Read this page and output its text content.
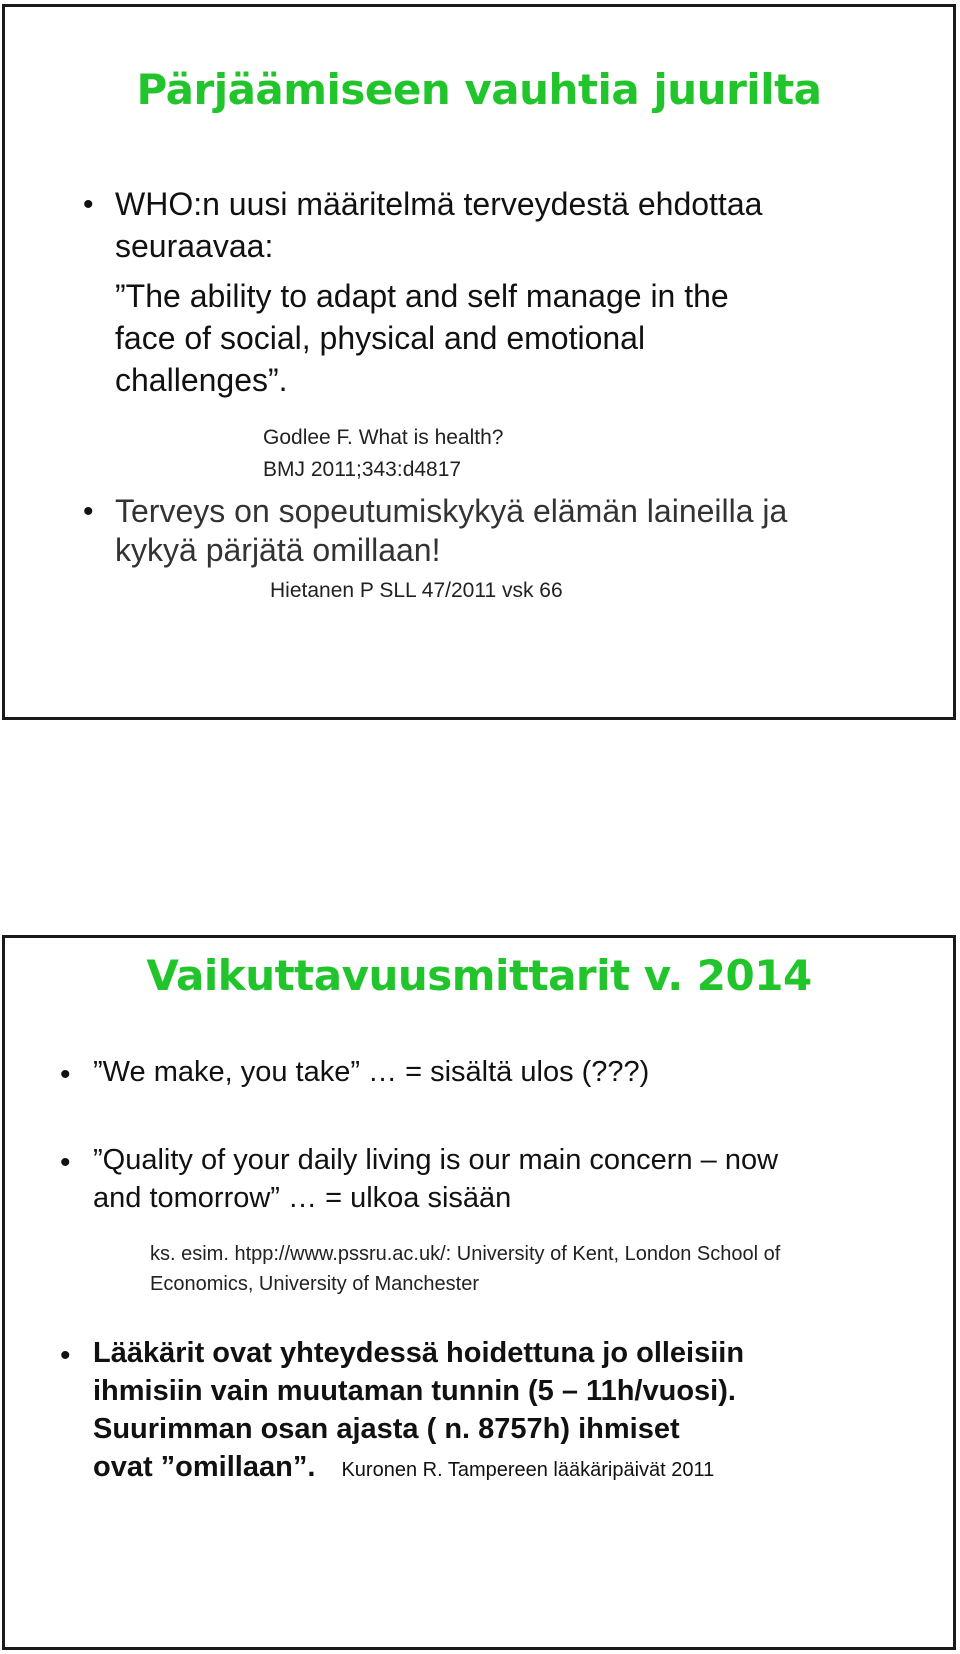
Pärjäämiseen vauhtia juurilta
• WHO:n uusi määritelmä terveydestä ehdottaa
seuraavaa:
”The ability to adapt and self manage in the
face of social, physical and emotional
challenges”.
Godlee F. What is health?
BMJ 2011;343:d4817
• Terveys on sopeutumiskykyä elämän laineilla ja
kykyä pärjätä omillaan!
Hietanen P SLL 47/2011 vsk 66
Vaikuttavuusmittarit v. 2014
• ”We make, you take” … = sisältä ulos (???)
• ”Quality of your daily living is our main concern – now
and tomorrow” … = ulkoa sisään
ks. esim. htpp://www.pssru.ac.uk/: University of Kent, London School of
Economics, University of Manchester
• Lääkärit ovat yhteydessä hoidettuna jo olleisiin
ihmisiin vain muutaman tunnin (5 – 11h/vuosi).
Suurimman osan ajasta ( n. 8757h) ihmiset
ovat ”omillaan”. Kuronen R. Tampereen lääkäripäivät 2011
